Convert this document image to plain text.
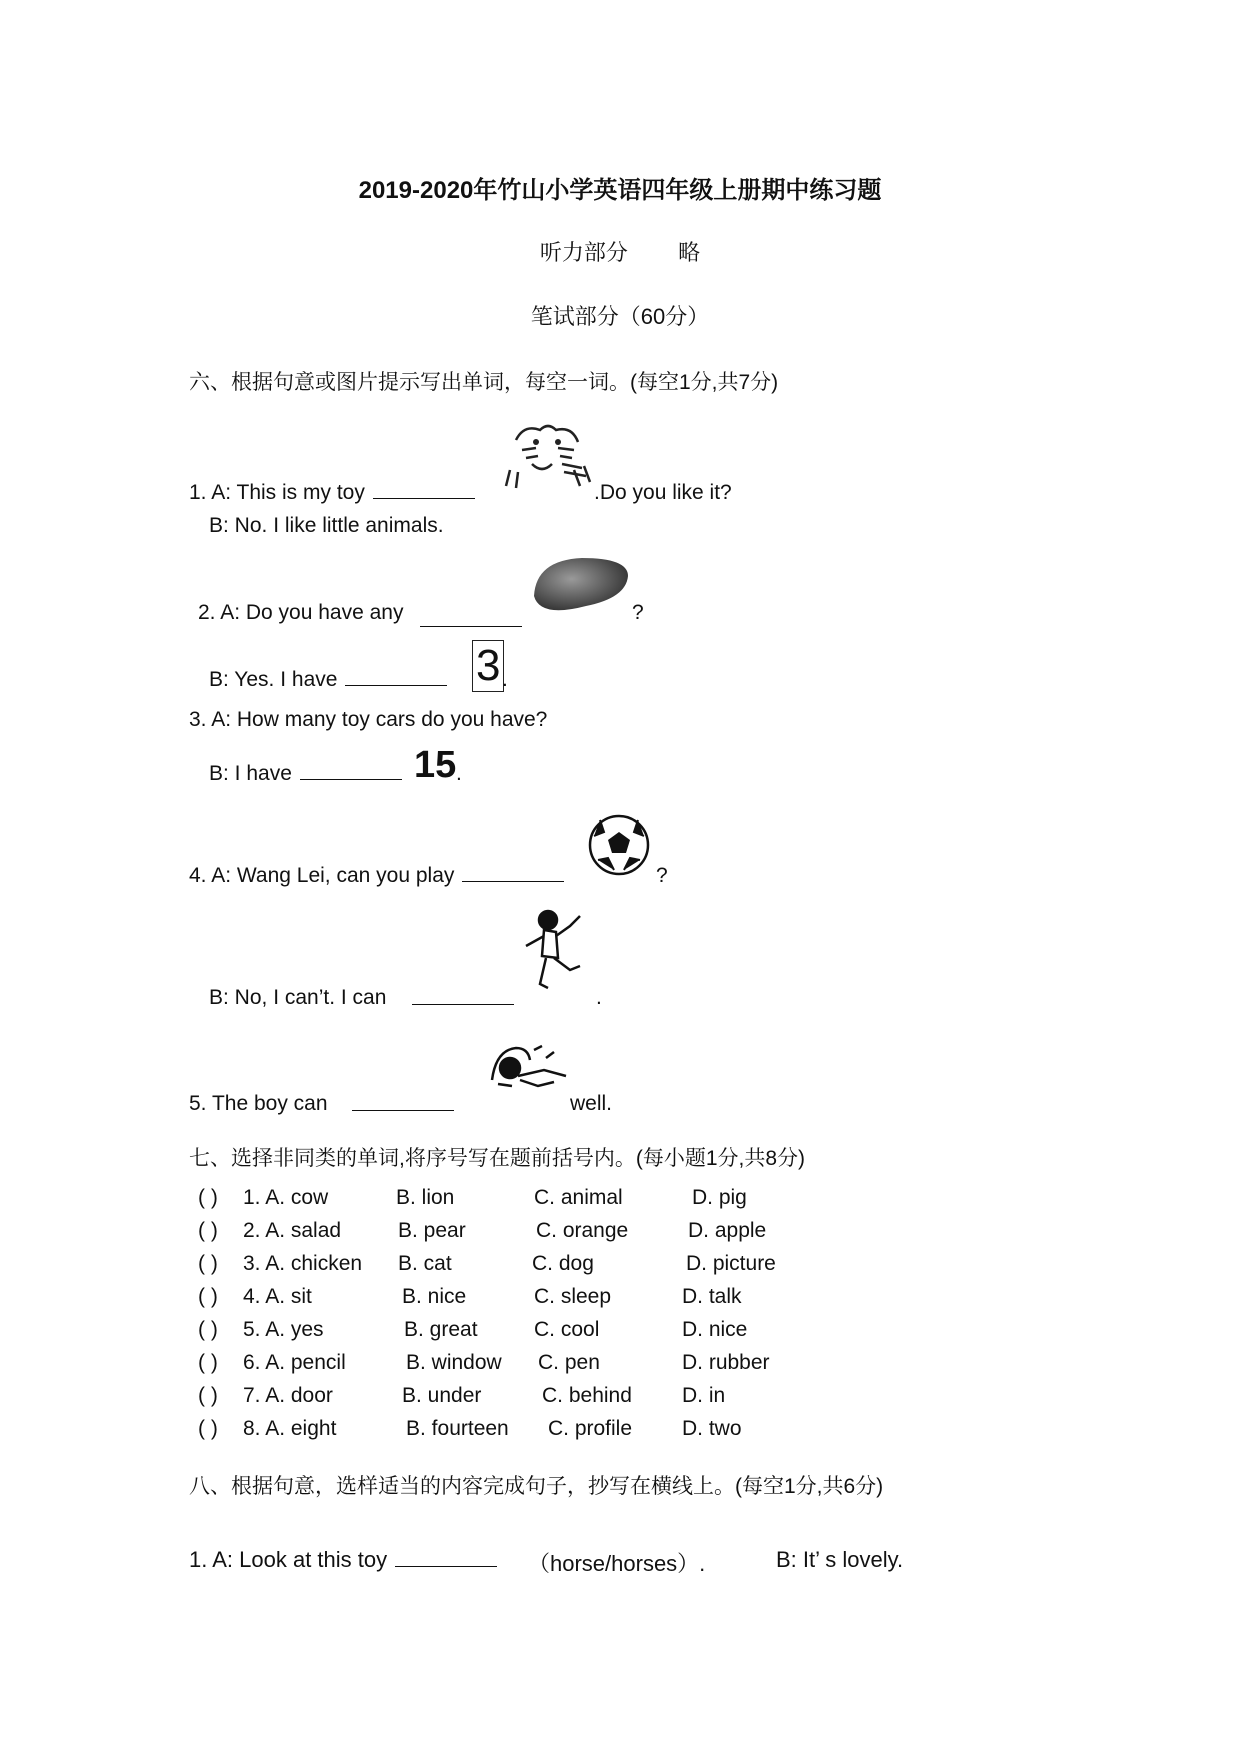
2019-2020年竹山小学英语四年级上册期中练习题
听力部分 略
笔试部分（60分）
六、根据句意或图片提示写出单词，每空一词。(每空1分,共7分)
1. A: This is my toy	.Do you like it?
B: No. I like little animals.
2. A: Do you have any	?
B: Yes. I have	3 .
3. A: How many toy cars do you have?
B: I have	15 .
4. A: Wang Lei, can you play	?
B: No, I can’t. I can	.
5. The boy can	well.
七、选择非同类的单词,将序号写在题前括号内。(每小题1分,共8分)
( ) 1. A. cow	B. lion	C. animal	D. pig
( ) 2. A. salad	B. pear	C. orange	D. apple
( ) 3. A. chicken B. cat	C. dog	D. picture
( ) 4. A. sit	B. nice	C. sleep	D. talk
( ) 5. A. yes	B. great	C. cool	D. nice
( ) 6. A. pencil	B. window C. pen	D. rubber
( ) 7. A. door	B. under	C. behind D. in
( ) 8. A. eight	B. fourteen C. profile D. two
八、根据句意，选样适当的内容完成句子，抄写在横线上。(每空1分,共6分)
1. A: Look at this toy	（horse/horses）.	B: It’ s lovely.
